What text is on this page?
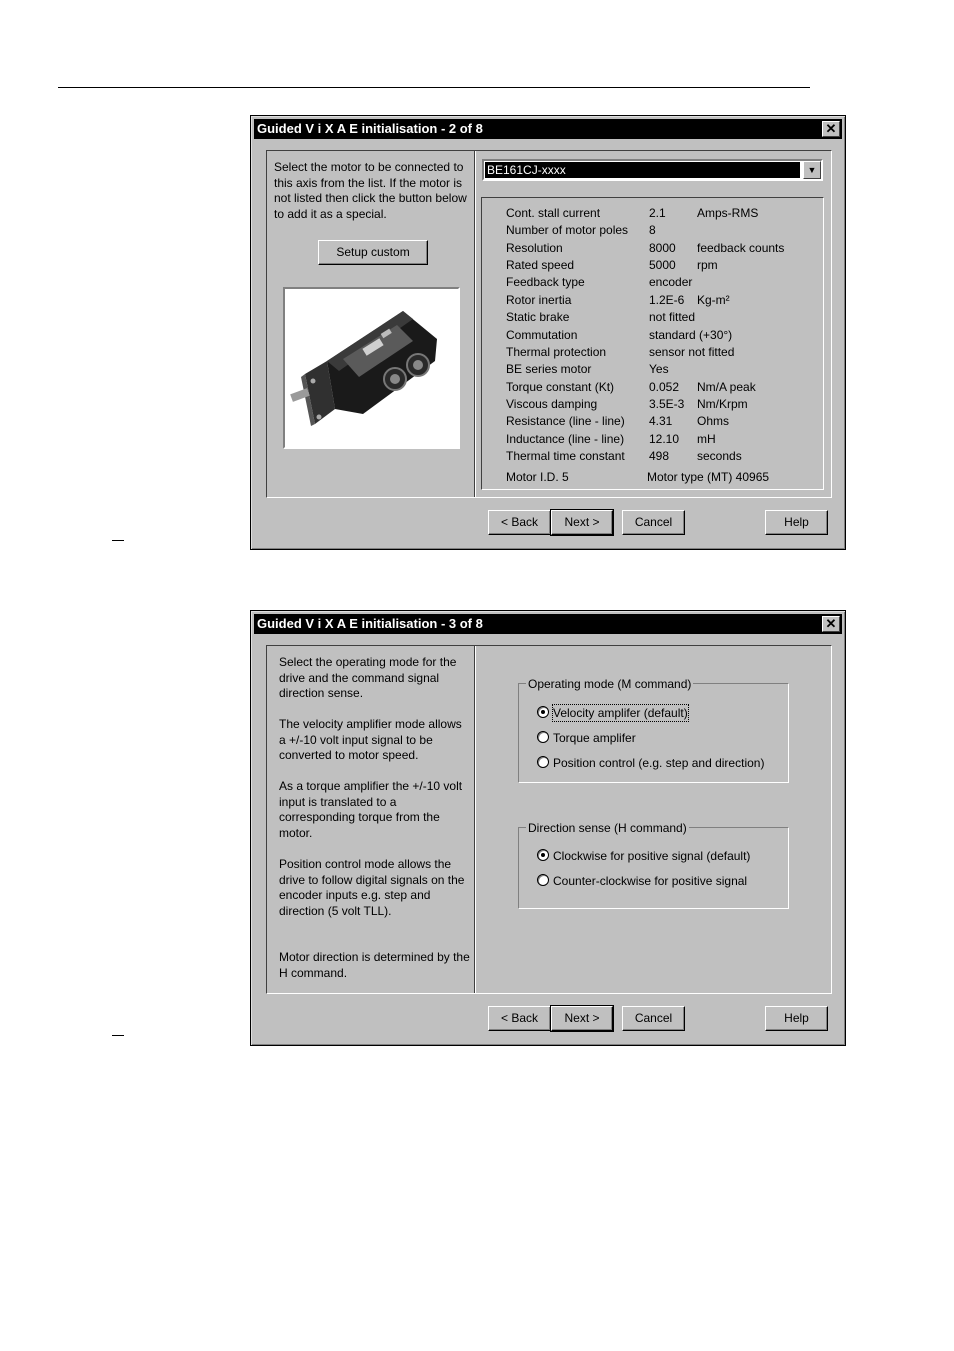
Guided V i X A E initialisation - 2 of 8	✕

Select the motor to be connected to this axis from the list. If the motor is not listed then click the button below to add it as a special.

Setup custom
BE161CJ-xxxx	▼
Cont. stall current	2.1	Amps-RMS
Number of motor poles 8
Resolution	8000 feedback counts
Rated speed	5000 rpm
Feedback type	encoder
Rotor inertia	1.2E-6 Kg-m²
Static brake	not fitted
Commutation	standard (+30°)
Thermal protection	sensor not fitted
BE series motor	Yes
Torque constant (Kt)	0.052 Nm/A peak
Viscous damping	3.5E-3 Nm/Krpm
Resistance (line - line) 4.31 Ohms
Inductance (line - line) 12.10 mH
Thermal time constant 498 seconds
Motor I.D. 5	Motor type (MT) 40965
< Back	Next >	Cancel	Help
Guided V i X A E initialisation - 3 of 8	✕

Select the operating mode for the drive and the command signal direction sense.

The velocity amplifier mode allows a +/-10 volt input signal to be converted to motor speed.

As a torque amplifier the +/-10 volt input is translated to a corresponding torque from the motor.

Position control mode allows the drive to follow digital signals on the encoder inputs e.g. step and direction (5 volt TLL).

Motor direction is determined by the H command.

Operating mode (M command)
Velocity amplifer (default)
Torque amplifer
Position control (e.g. step and direction)
Direction sense (H command)
Clockwise for positive signal (default)
Counter-clockwise for positive signal
< Back	Next >	Cancel	Help
